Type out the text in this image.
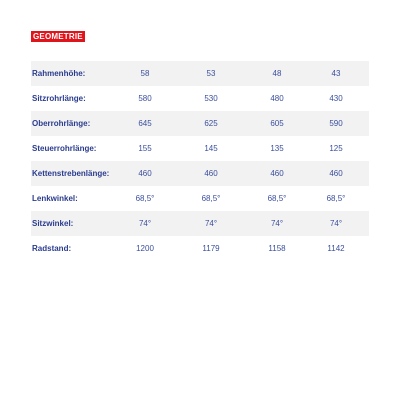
GEOMETRIE
Rahmenhöhe:	58	53	48	43
Sitzrohrlänge:	580	530	480	430
Oberrohrlänge:	645	625	605	590
Steuerrohrlänge:	155	145	135	125
Kettenstrebenlänge:	460	460	460	460
Lenkwinkel:	68,5°	68,5°	68,5°	68,5°
Sitzwinkel:	74°	74°	74°	74°
Radstand:	1200	1179	1158	1142
